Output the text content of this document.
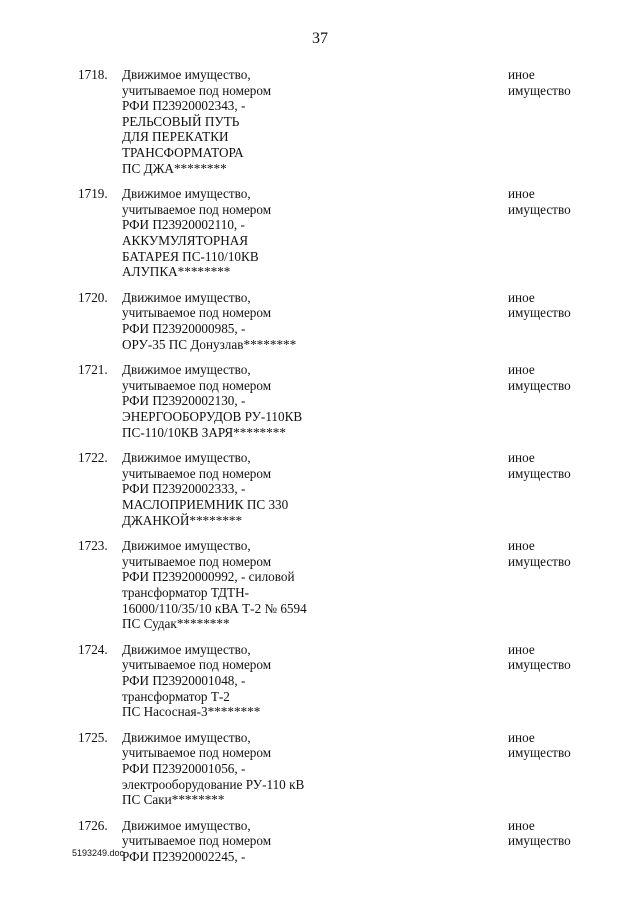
37
1718. Движимое имущество,
учитываемое под номером
РФИ П23920002343, -
РЕЛЬСОВЫЙ ПУТЬ
ДЛЯ ПЕРЕКАТКИ
ТРАНСФОРМАТОРА
ПС ДЖА********
иное
имущество
1719. Движимое имущество,
учитываемое под номером
РФИ П23920002110, -
АККУМУЛЯТОРНАЯ
БАТАРЕЯ ПС-110/10КВ
АЛУПКА********
иное
имущество
1720. Движимое имущество,
учитываемое под номером
РФИ П23920000985, -
ОРУ-35 ПС Донузлав********
иное
имущество
1721. Движимое имущество,
учитываемое под номером
РФИ П23920002130, -
ЭНЕРГООБОРУДОВ РУ-110КВ
ПС-110/10КВ ЗАРЯ********
иное
имущество
1722. Движимое имущество,
учитываемое под номером
РФИ П23920002333, -
МАСЛОПРИЕМНИК ПС 330
ДЖАНКОЙ********
иное
имущество
1723. Движимое имущество,
учитываемое под номером
РФИ П23920000992, - силовой
трансформатор ТДТН-
16000/110/35/10 кВА Т-2 № 6594
ПС Судак********
иное
имущество
1724. Движимое имущество,
учитываемое под номером
РФИ П23920001048, -
трансформатор Т-2
ПС Насосная-3********
иное
имущество
1725. Движимое имущество,
учитываемое под номером
РФИ П23920001056, -
электрооборудование РУ-110 кВ
ПС Саки********
иное
имущество
1726. Движимое имущество,
учитываемое под номером
РФИ П23920002245, -
иное
имущество
5193249.doc
